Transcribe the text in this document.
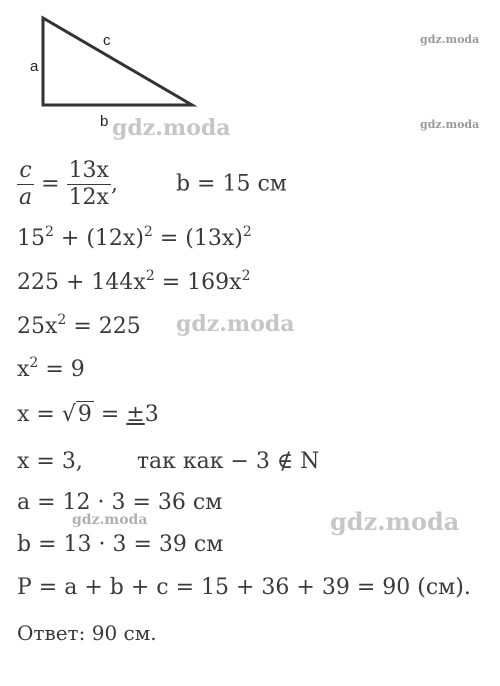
a
b
c	gdz.moda
gdz.moda
gdz.moda
gdz.moda
gdz.moda	gdz.moda
$\frac{c}{a} = \frac{13x}{12x}$ ,	b = 15 см
$15^2 + (12x)^2 = (13x)^2$
$225 + 144x^2 = 169x^2$
$25x^2 = 225$
$x^2 = 9$
x = √9 = ±3
x = 3, так как − 3 ∉ N
a = 12 · 3 = 36 см
b = 13 · 3 = 39 см
P = a + b + c = 15 + 36 + 39 = 90 (см).
Ответ: 90 см.
